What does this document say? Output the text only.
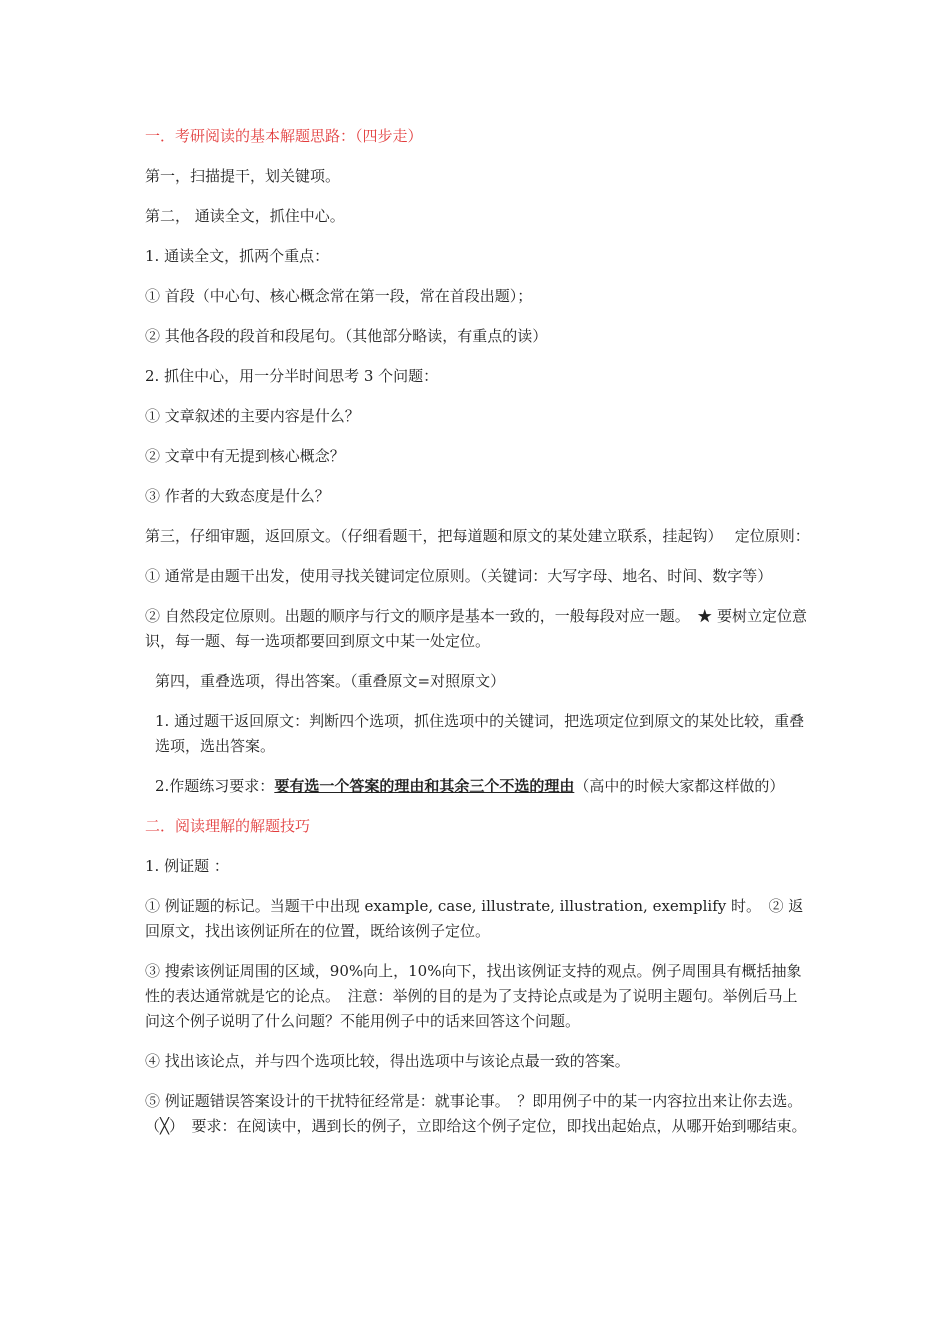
一．考研阅读的基本解题思路：（四步走）

第一，扫描提干，划关键项。

第二， 通读全文，抓住中心。

1. 通读全文，抓两个重点：

① 首段（中心句、核心概念常在第一段，常在首段出题）；

② 其他各段的段首和段尾句。（其他部分略读，有重点的读）

2. 抓住中心，用一分半时间思考 3 个问题：

① 文章叙述的主要内容是什么？

② 文章中有无提到核心概念？

③ 作者的大致态度是什么？

第三，仔细审题，返回原文。（仔细看题干，把每道题和原文的某处建立联系，挂起钩）　 定位原则：

① 通常是由题干出发，使用寻找关键词定位原则。（关键词：大写字母、地名、时间、数字等）

② 自然段定位原则。出题的顺序与行文的顺序是基本一致的，一般每段对应一题。　★ 要树立定位意识，每一题、每一选项都要回到原文中某一处定位。

第四，重叠选项，得出答案。（重叠原文=对照原文）

1. 通过题干返回原文：判断四个选项，抓住选项中的关键词，把选项定位到原文的某处比较，重叠选项，选出答案。

2.作题练习要求：要有选一个答案的理由和其余三个不选的理由（高中的时候大家都这样做的）

二．阅读理解的解题技巧

1. 例证题 ：

① 例证题的标记。当题干中出现 example, case, illustrate, illustration, exemplify 时。　② 返回原文，找出该例证所在的位置，既给该例子定位。

③ 搜索该例证周围的区域，90%向上，10%向下，找出该例证支持的观点。例子周围具有概括抽象性的表达通常就是它的论点。　注意：举例的目的是为了支持论点或是为了说明主题句。举例后马上问这个例子说明了什么问题？不能用例子中的话来回答这个问题。

④ 找出该论点，并与四个选项比较，得出选项中与该论点最一致的答案。

⑤ 例证题错误答案设计的干扰特征经常是：就事论事。　？即用例子中的某一内容拉出来让你去选。（╳）　要求：在阅读中，遇到长的例子，立即给这个例子定位，即找出起始点，从哪开始到哪结束。
